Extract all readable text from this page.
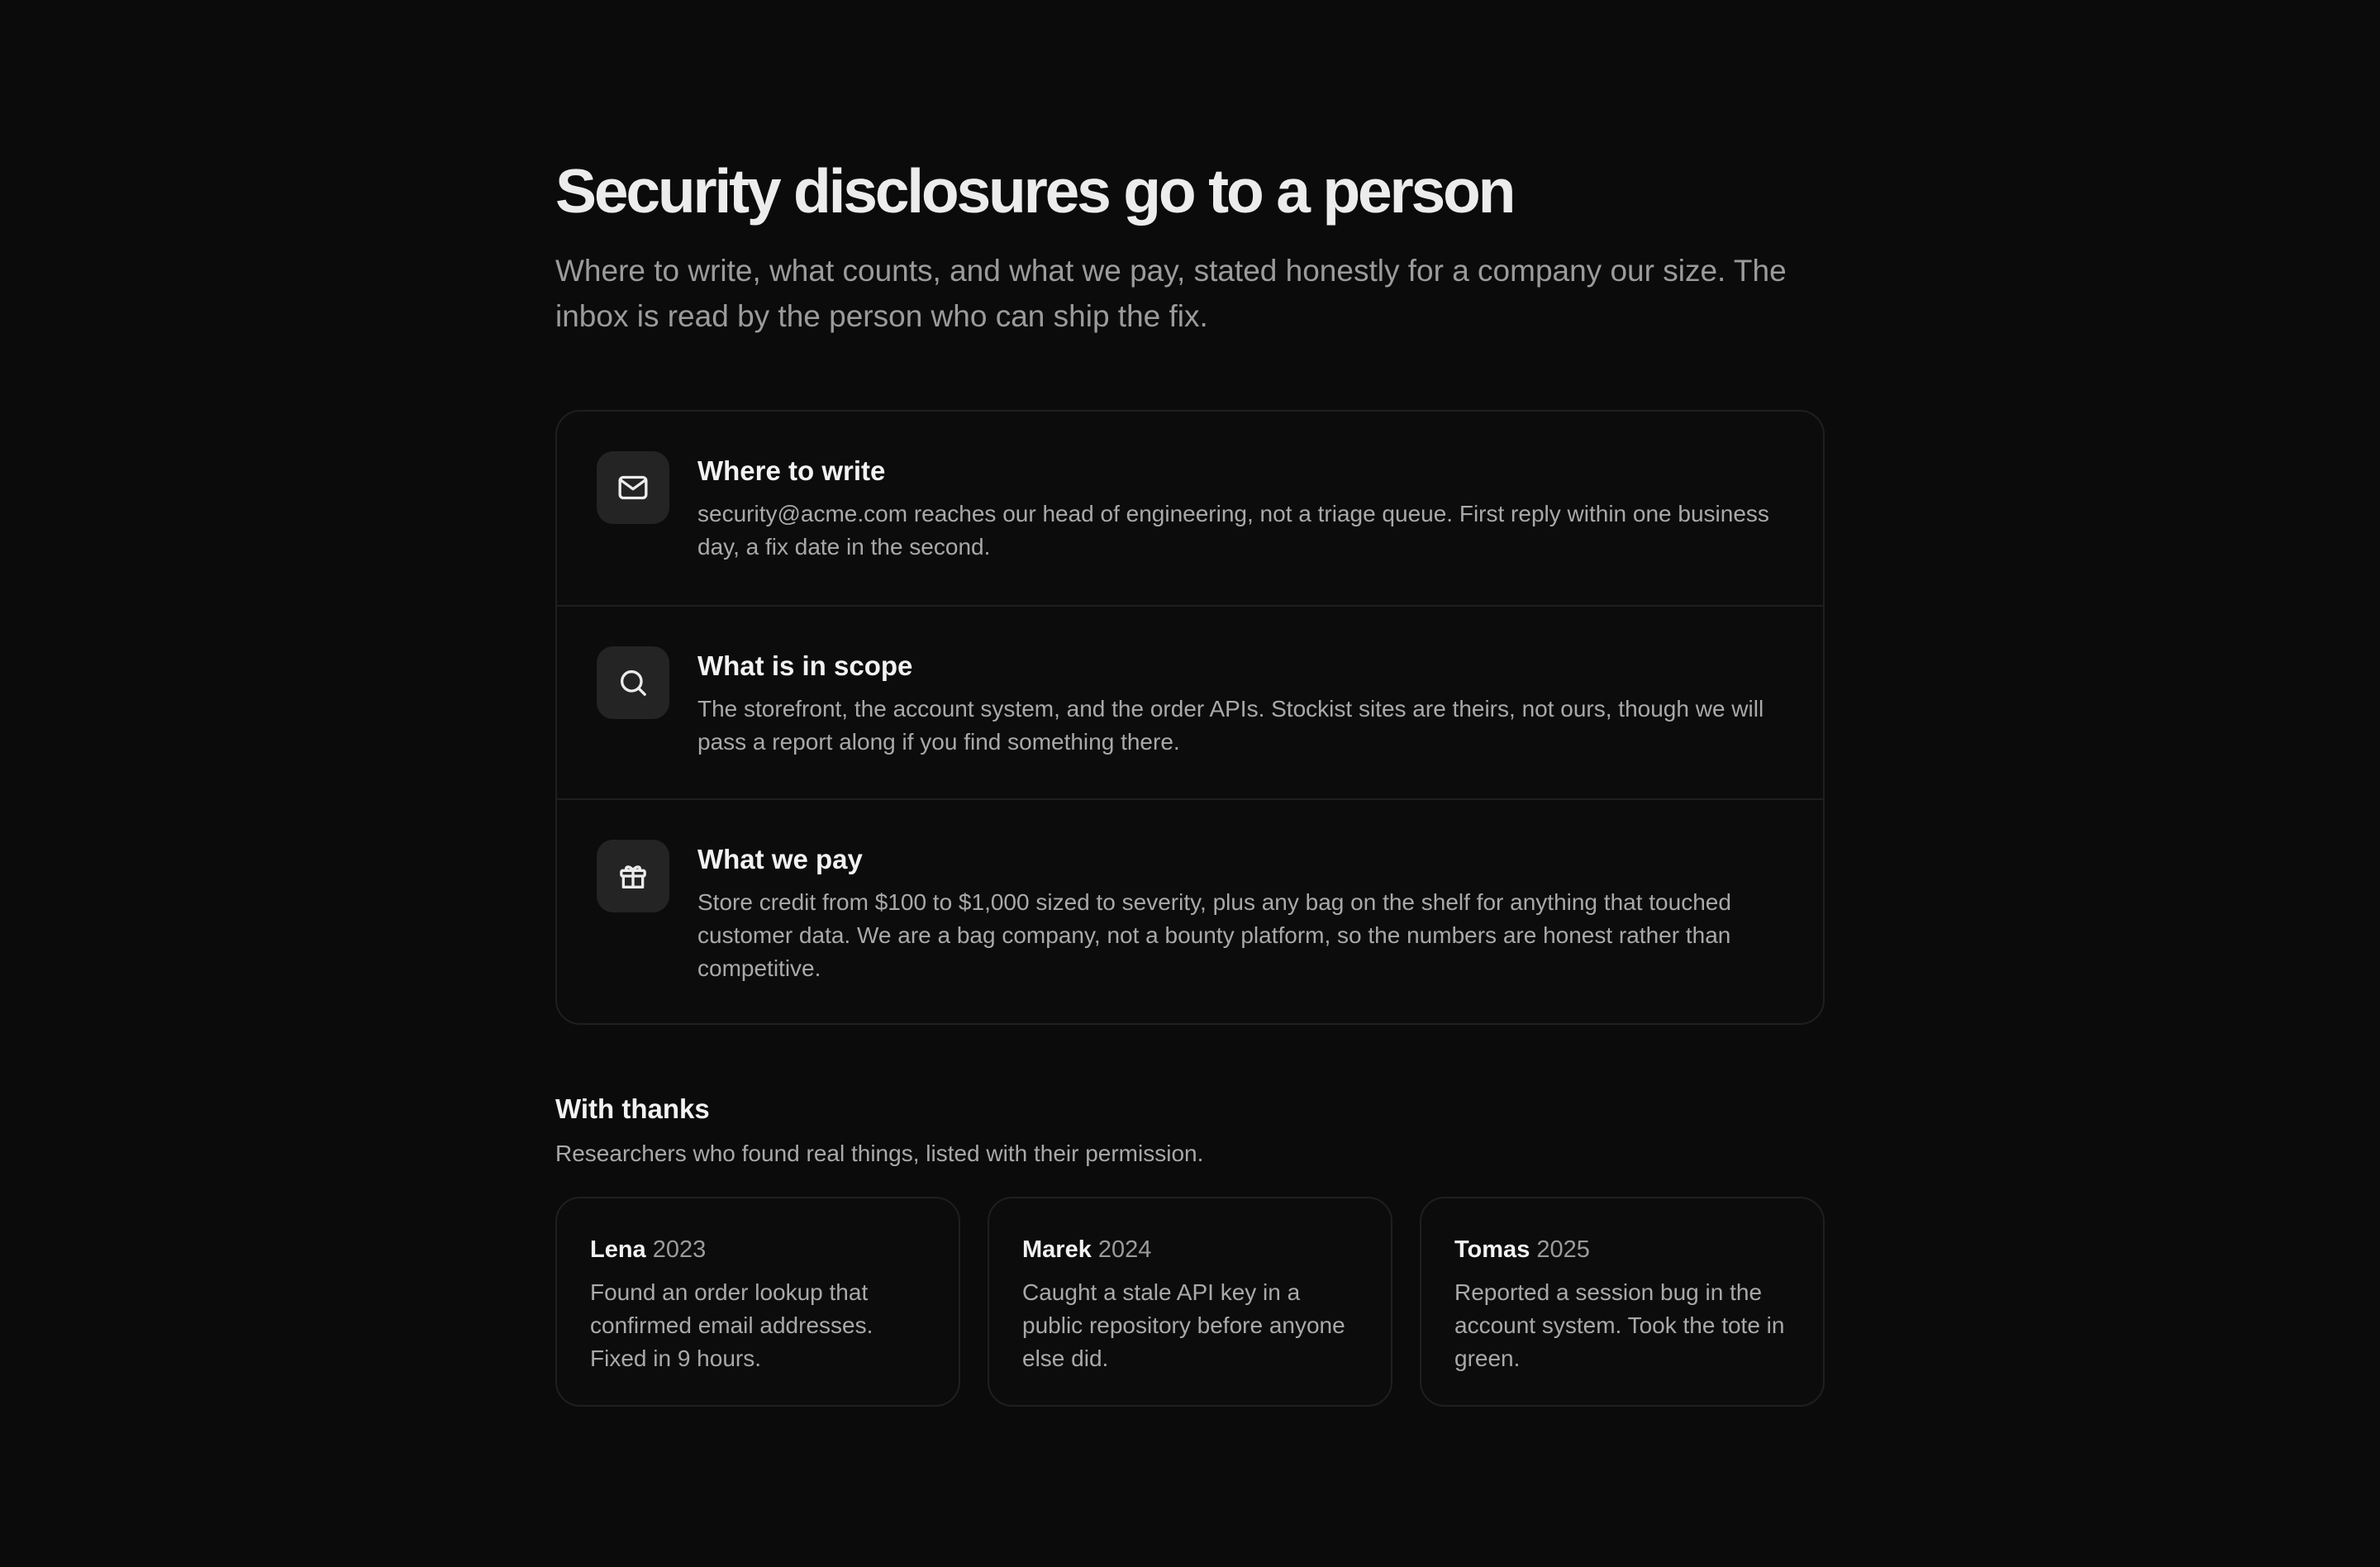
Security disclosures go to a person

Where to write, what counts, and what we pay, stated honestly for a company our size. The inbox is read by the person who can ship the fix.

Where to write

security@acme.com reaches our head of engineering, not a triage queue. First reply within one business day, a fix date in the second.

What is in scope

The storefront, the account system, and the order APIs. Stockist sites are theirs, not ours, though we will pass a report along if you find something there.

What we pay

Store credit from $100 to $1,000 sized to severity, plus any bag on the shelf for anything that touched customer data. We are a bag company, not a bounty platform, so the numbers are honest rather than competitive.

With thanks

Researchers who found real things, listed with their permission.

Lena 2023

Found an order lookup that confirmed email addresses. Fixed in 9 hours.

Marek 2024

Caught a stale API key in a public repository before anyone else did.

Tomas 2025

Reported a session bug in the account system. Took the tote in green.
